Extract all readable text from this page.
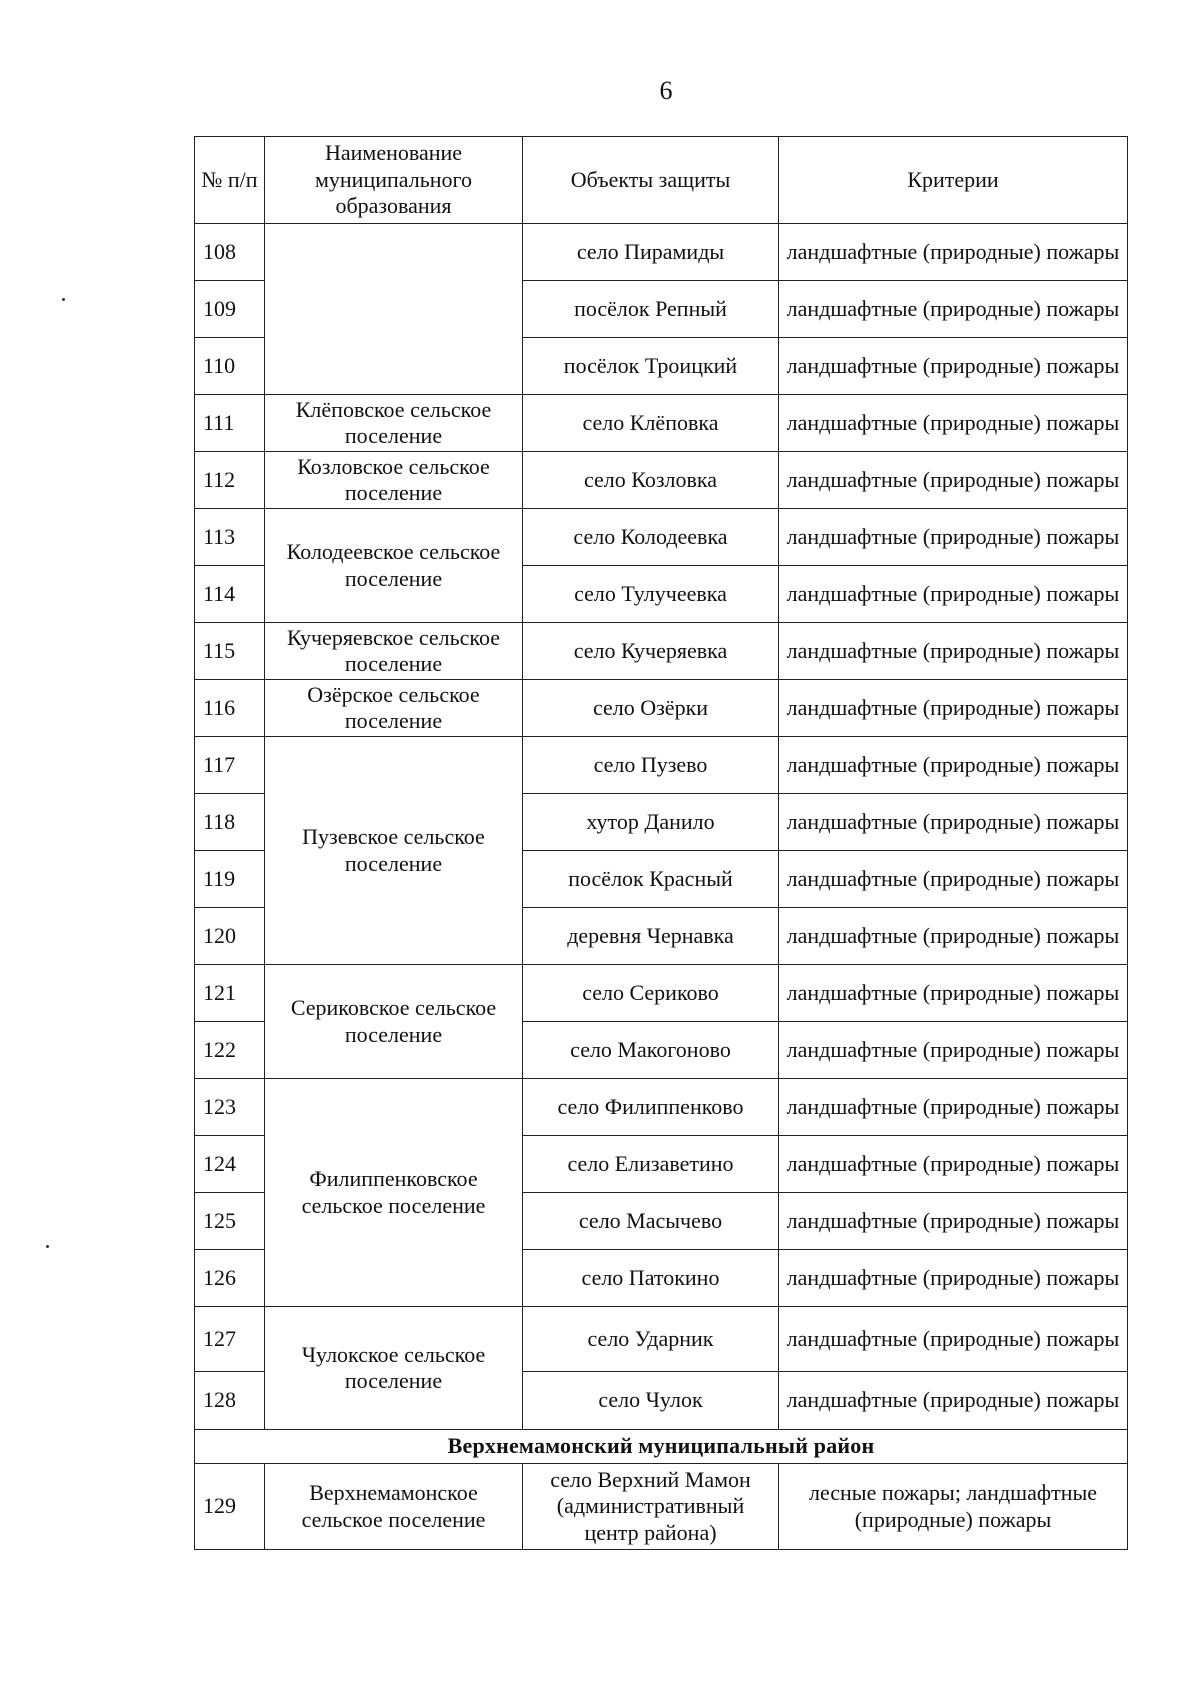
6
№ п/п	Наименование муниципального образования	Объекты защиты	Критерии
108		село Пирамиды	ландшафтные (природные) пожары
109		посёлок Репный	ландшафтные (природные) пожары
110		посёлок Троицкий	ландшафтные (природные) пожары
111	Клёповское сельское поселение	село Клёповка	ландшафтные (природные) пожары
112	Козловское сельское поселение	село Козловка	ландшафтные (природные) пожары
113	Колодеевское сельское поселение	село Колодеевка	ландшафтные (природные) пожары
114		село Тулучеевка	ландшафтные (природные) пожары
115	Кучеряевское сельское поселение	село Кучеряевка	ландшафтные (природные) пожары
116	Озёрское сельское поселение	село Озёрки	ландшафтные (природные) пожары
117	Пузевское сельское поселение	село Пузево	ландшафтные (природные) пожары
118		хутор Данило	ландшафтные (природные) пожары
119		посёлок Красный	ландшафтные (природные) пожары
120		деревня Чернавка	ландшафтные (природные) пожары
121	Сериковское сельское поселение	село Сериково	ландшафтные (природные) пожары
122		село Макогоново	ландшафтные (природные) пожары
123	Филиппенковское сельское поселение	село Филиппенково	ландшафтные (природные) пожары
124		село Елизаветино	ландшафтные (природные) пожары
125		село Масычево	ландшафтные (природные) пожары
126		село Патокино	ландшафтные (природные) пожары
127	Чулокское сельское поселение	село Ударник	ландшафтные (природные) пожары
128		село Чулок	ландшафтные (природные) пожары
Верхнемамонский муниципальный район			
129	Верхнемамонское сельское поселение	село Верхний Мамон (административный центр района)	лесные пожары; ландшафтные (природные) пожары
